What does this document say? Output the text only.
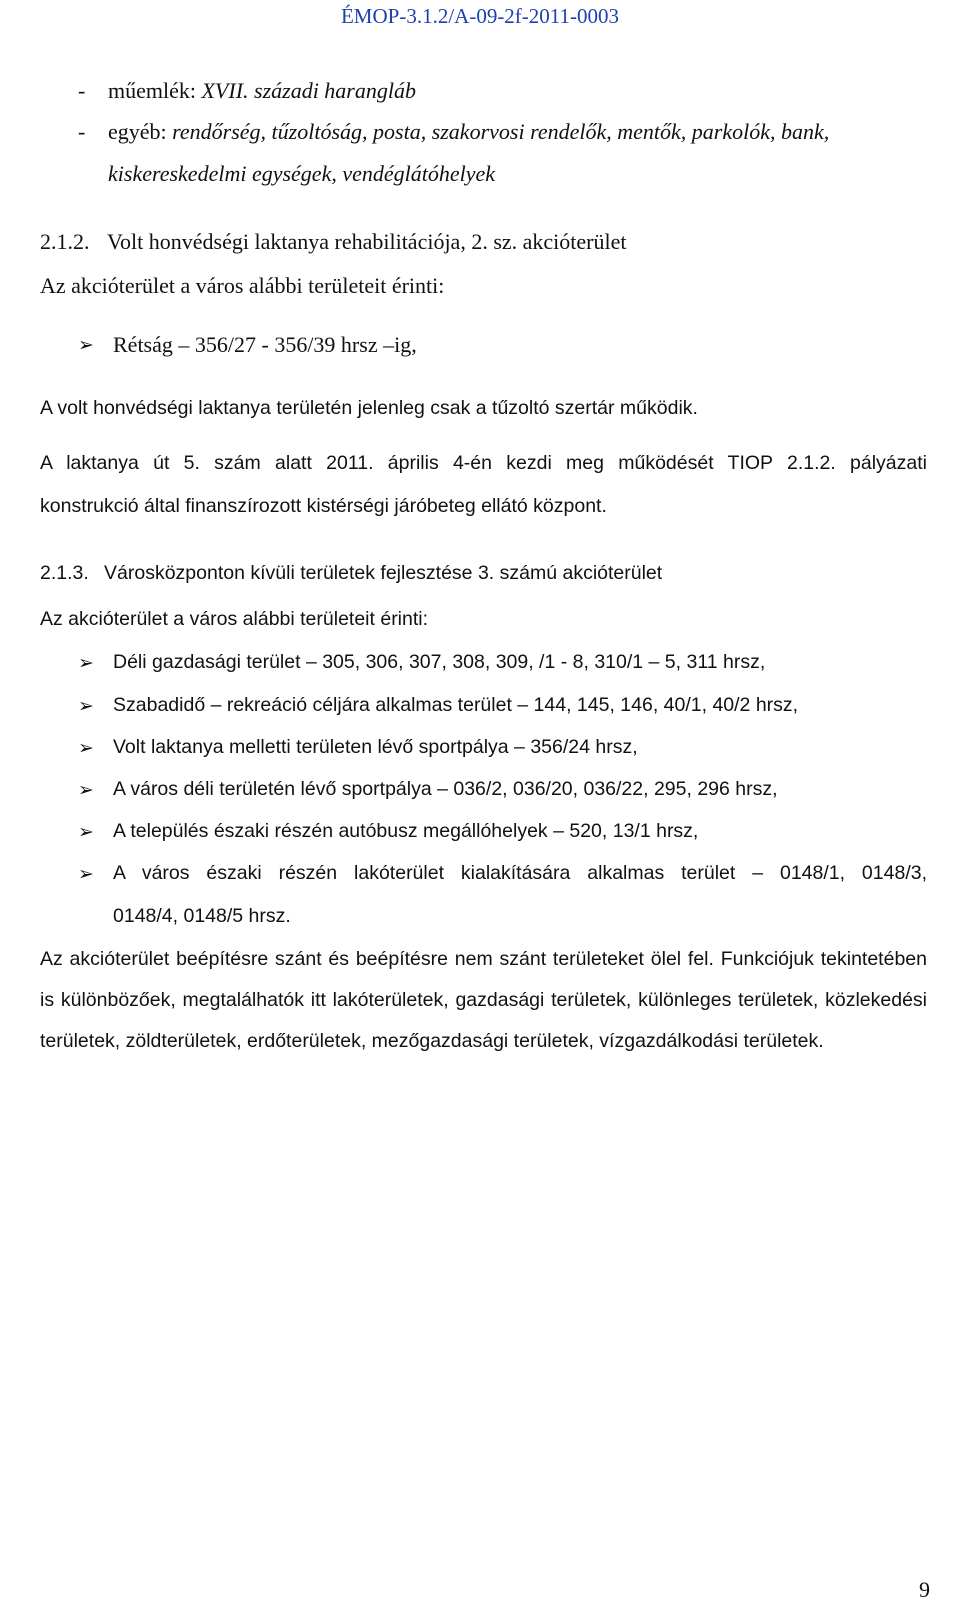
ÉMOP-3.1.2/A-09-2f-2011-0003
- műemlék: XVII. századi harangláb
- egyéb: rendőrség, tűzoltóság, posta, szakorvosi rendelők, mentők, parkolók, bank,
kiskereskedelmi egységek, vendéglátóhelyek
2.1.2. Volt honvédségi laktanya rehabilitációja, 2. sz. akcióterület
Az akcióterület a város alábbi területeit érinti:
➢ Rétság – 356/27 - 356/39 hrsz –ig,
A volt honvédségi laktanya területén jelenleg csak a tűzoltó szertár működik.
A laktanya út 5. szám alatt 2011. április 4-én kezdi meg működését TIOP 2.1.2. pályázati
konstrukció által finanszírozott kistérségi járóbeteg ellátó központ.
2.1.3. Városközponton kívüli területek fejlesztése 3. számú akcióterület
Az akcióterület a város alábbi területeit érinti:
➢ Déli gazdasági terület – 305, 306, 307, 308, 309, /1 - 8, 310/1 – 5, 311 hrsz,
➢ Szabadidő – rekreáció céljára alkalmas terület – 144, 145, 146, 40/1, 40/2 hrsz,
➢ Volt laktanya melletti területen lévő sportpálya – 356/24 hrsz,
➢ A város déli területén lévő sportpálya – 036/2, 036/20, 036/22, 295, 296 hrsz,
➢ A település északi részén autóbusz megállóhelyek – 520, 13/1 hrsz,
➢ A város északi részén lakóterület kialakítására alkalmas terület – 0148/1, 0148/3,
0148/4, 0148/5 hrsz.
Az akcióterület beépítésre szánt és beépítésre nem szánt területeket ölel fel. Funkciójuk tekintetében is különbözőek, megtalálhatók itt lakóterületek, gazdasági területek, különleges területek, közlekedési területek, zöldterületek, erdőterületek, mezőgazdasági területek, vízgazdálkodási területek.
9
